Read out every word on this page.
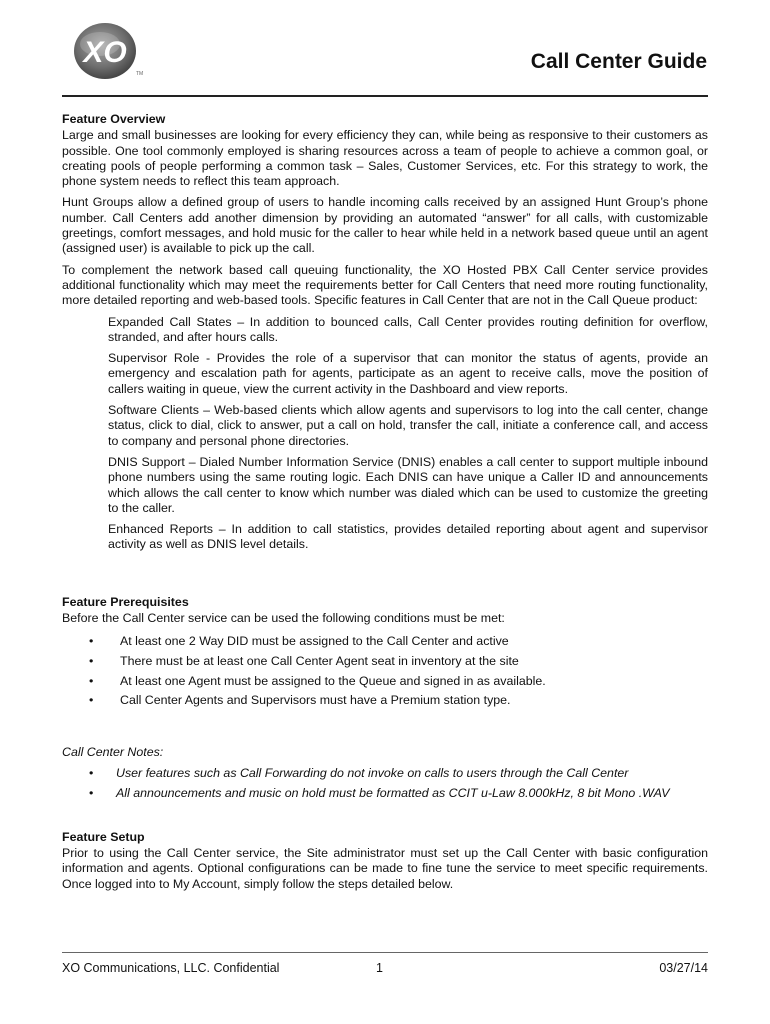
XO
TM
Call Center Guide
Feature Overview

Large and small businesses are looking for every efficiency they can, while being as responsive to their customers as possible. One tool commonly employed is sharing resources across a team of people to achieve a common goal, or creating pools of people performing a common task – Sales, Customer Services, etc. For this strategy to work, the phone system needs to reflect this team approach.

Hunt Groups allow a defined group of users to handle incoming calls received by an assigned Hunt Group’s phone number. Call Centers add another dimension by providing an automated “answer” for all calls, with customizable greetings, comfort messages, and hold music for the caller to hear while held in a network based queue until an agent (assigned user) is available to pick up the call.

To complement the network based call queuing functionality, the XO Hosted PBX Call Center service provides additional functionality which may meet the requirements better for Call Centers that need more routing functionality, more detailed reporting and web-based tools. Specific features in Call Center that are not in the Call Queue product:

Expanded Call States – In addition to bounced calls, Call Center provides routing definition for overflow, stranded, and after hours calls.

Supervisor Role - Provides the role of a supervisor that can monitor the status of agents, provide an emergency and escalation path for agents, participate as an agent to receive calls, move the position of callers waiting in queue, view the current activity in the Dashboard and view reports.

Software Clients – Web-based clients which allow agents and supervisors to log into the call center, change status, click to dial, click to answer, put a call on hold, transfer the call, initiate a conference call, and access to company and personal phone directories.

DNIS Support – Dialed Number Information Service (DNIS) enables a call center to support multiple inbound phone numbers using the same routing logic. Each DNIS can have unique a Caller ID and announcements which allows the call center to know which number was dialed which can be used to customize the greeting to the caller.

Enhanced Reports – In addition to call statistics, provides detailed reporting about agent and supervisor activity as well as DNIS level details.

Feature Prerequisites

Before the Call Center service can be used the following conditions must be met:

• At least one 2 Way DID must be assigned to the Call Center and active
• There must be at least one Call Center Agent seat in inventory at the site
• At least one Agent must be assigned to the Queue and signed in as available.
• Call Center Agents and Supervisors must have a Premium station type.

Call Center Notes:

• User features such as Call Forwarding do not invoke on calls to users through the Call Center
• All announcements and music on hold must be formatted as CCIT u-Law 8.000kHz, 8 bit Mono .WAV
Feature Setup

Prior to using the Call Center service, the Site administrator must set up the Call Center with basic configuration information and agents. Optional configurations can be made to fine tune the service to meet specific requirements. Once logged into to My Account, simply follow the steps detailed below.

XO Communications, LLC. Confidential	1	03/27/14
